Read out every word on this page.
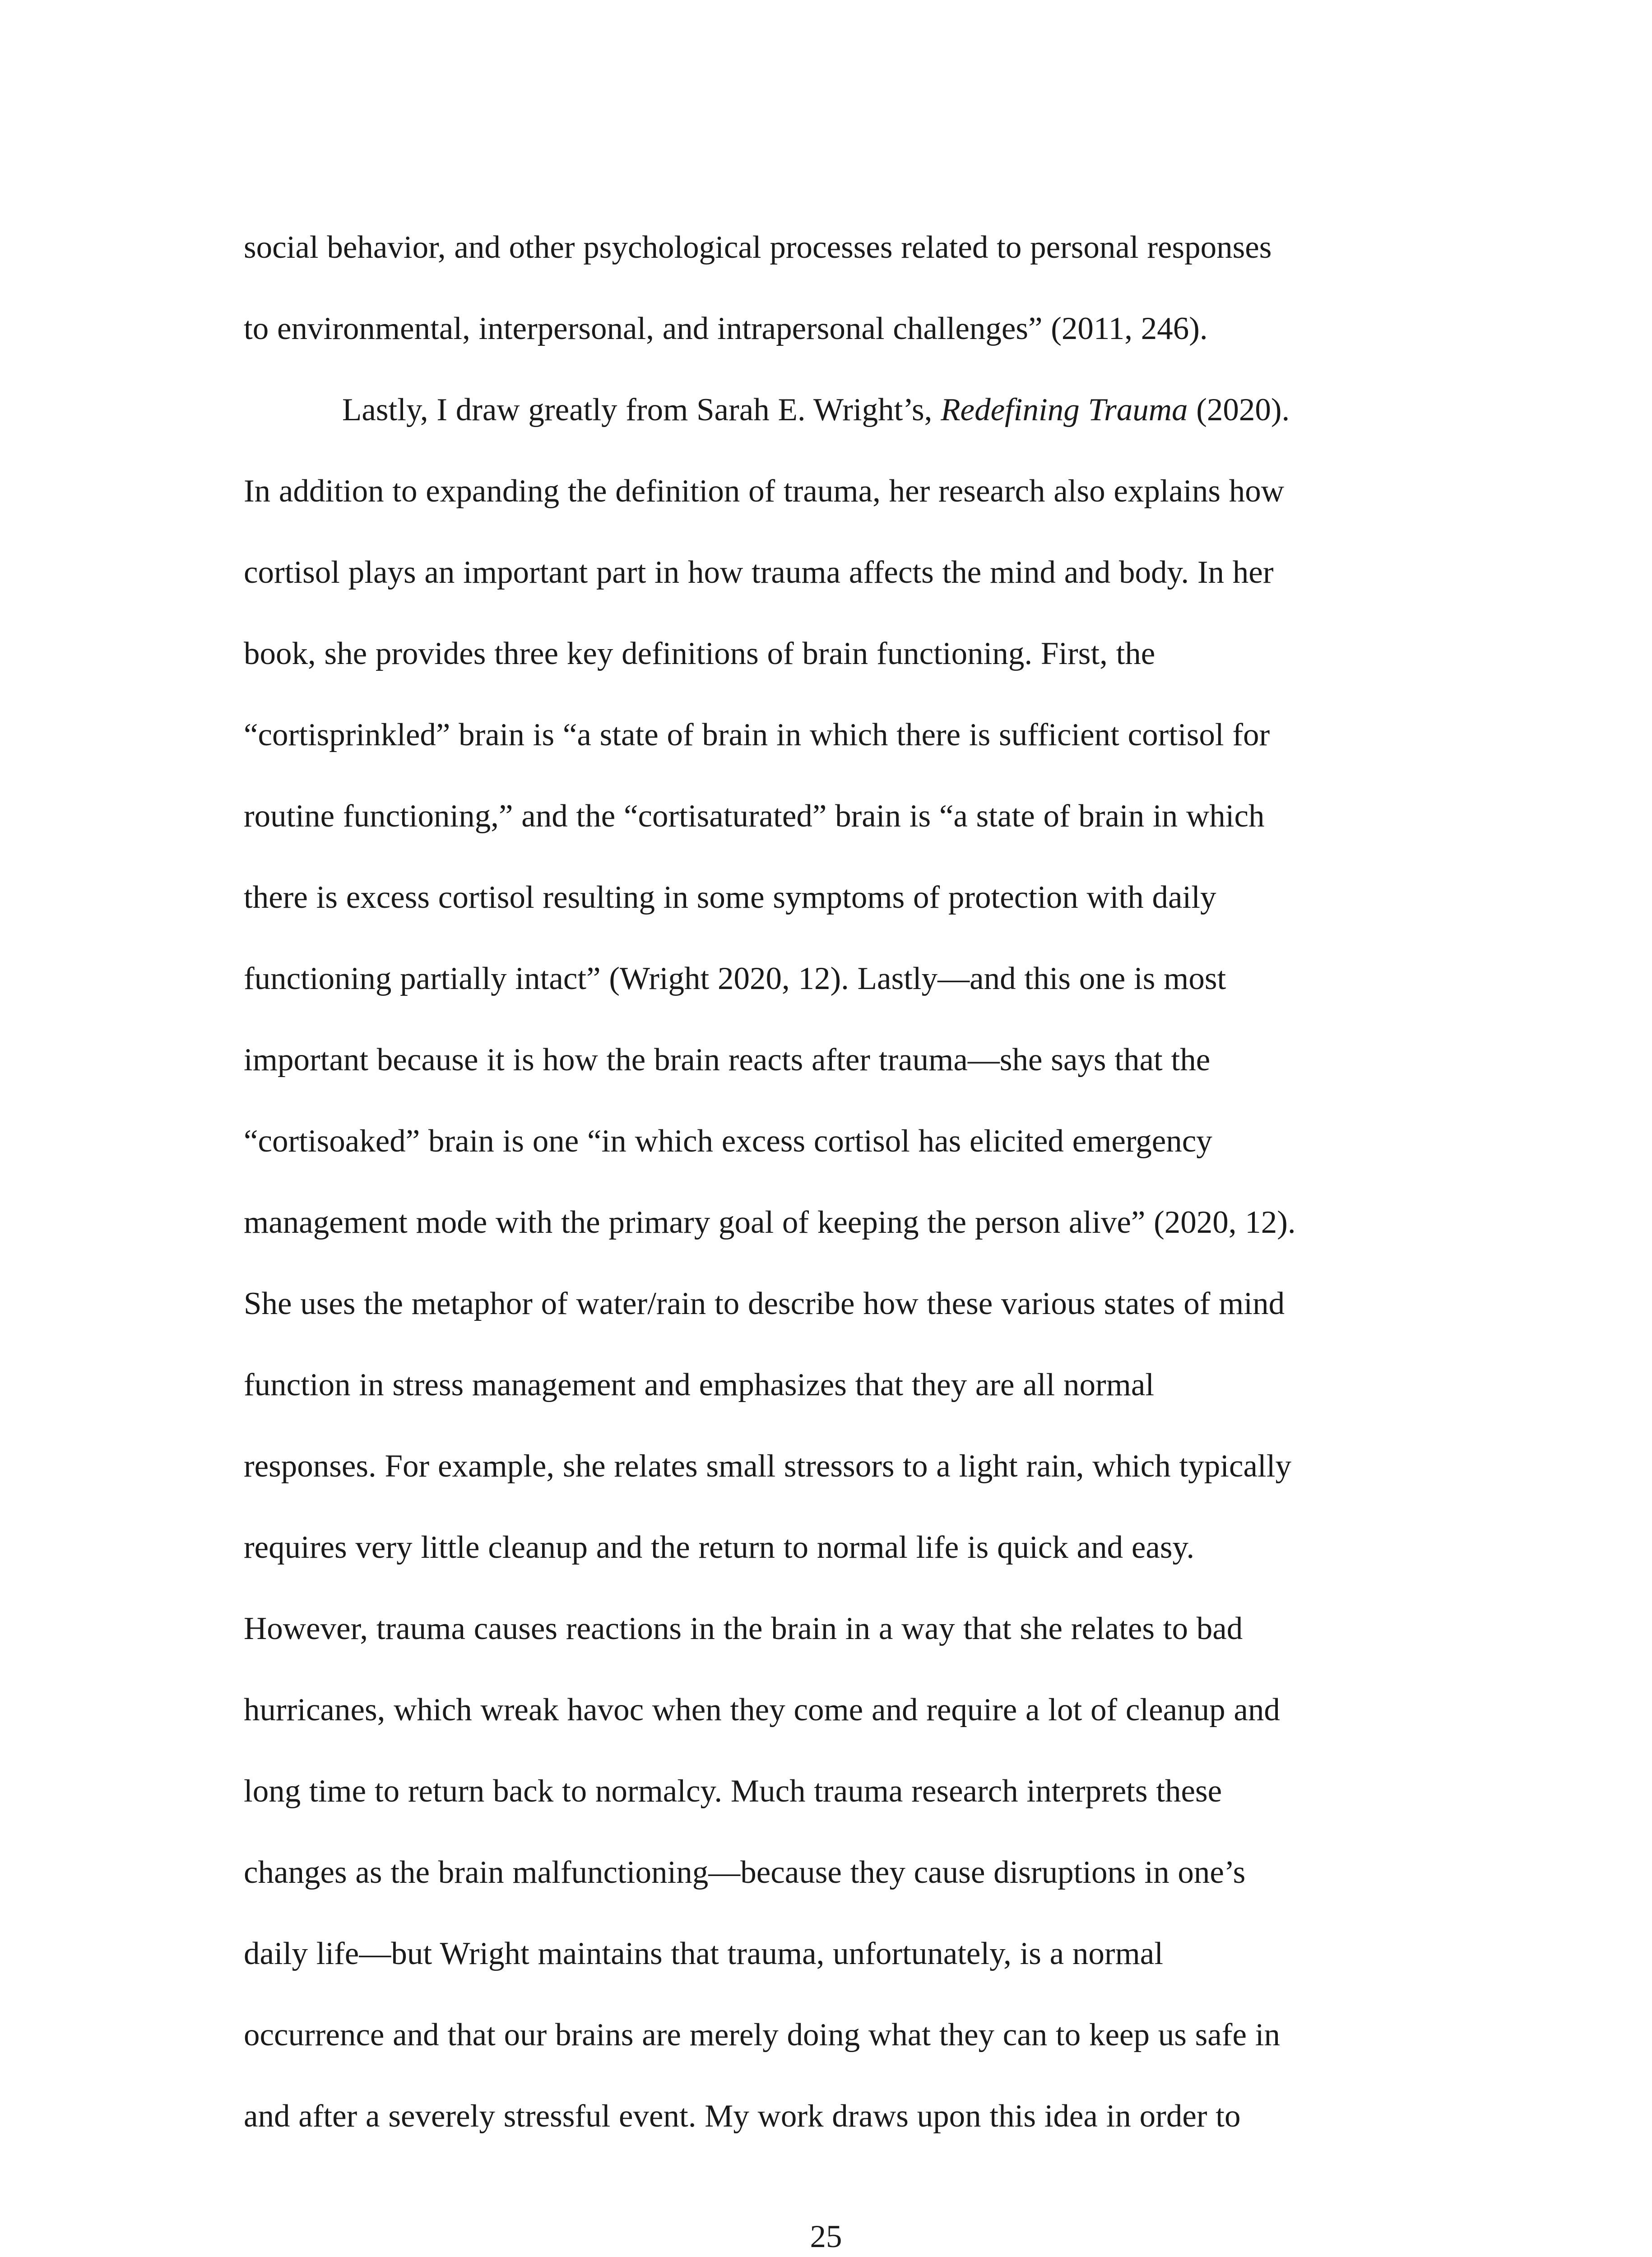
social behavior, and other psychological processes related to personal responses
to environmental, interpersonal, and intrapersonal challenges” (2011, 246).
Lastly, I draw greatly from Sarah E. Wright’s, Redefining Trauma (2020).
In addition to expanding the definition of trauma, her research also explains how
cortisol plays an important part in how trauma affects the mind and body. In her
book, she provides three key definitions of brain functioning. First, the
“cortisprinkled” brain is “a state of brain in which there is sufficient cortisol for
routine functioning,” and the “cortisaturated” brain is “a state of brain in which
there is excess cortisol resulting in some symptoms of protection with daily
functioning partially intact” (Wright 2020, 12). Lastly—and this one is most
important because it is how the brain reacts after trauma—she says that the
“cortisoaked” brain is one “in which excess cortisol has elicited emergency
management mode with the primary goal of keeping the person alive” (2020, 12).
She uses the metaphor of water/rain to describe how these various states of mind
function in stress management and emphasizes that they are all normal
responses. For example, she relates small stressors to a light rain, which typically
requires very little cleanup and the return to normal life is quick and easy.
However, trauma causes reactions in the brain in a way that she relates to bad
hurricanes, which wreak havoc when they come and require a lot of cleanup and
long time to return back to normalcy. Much trauma research interprets these
changes as the brain malfunctioning—because they cause disruptions in one’s
daily life—but Wright maintains that trauma, unfortunately, is a normal
occurrence and that our brains are merely doing what they can to keep us safe in
and after a severely stressful event. My work draws upon this idea in order to
25
